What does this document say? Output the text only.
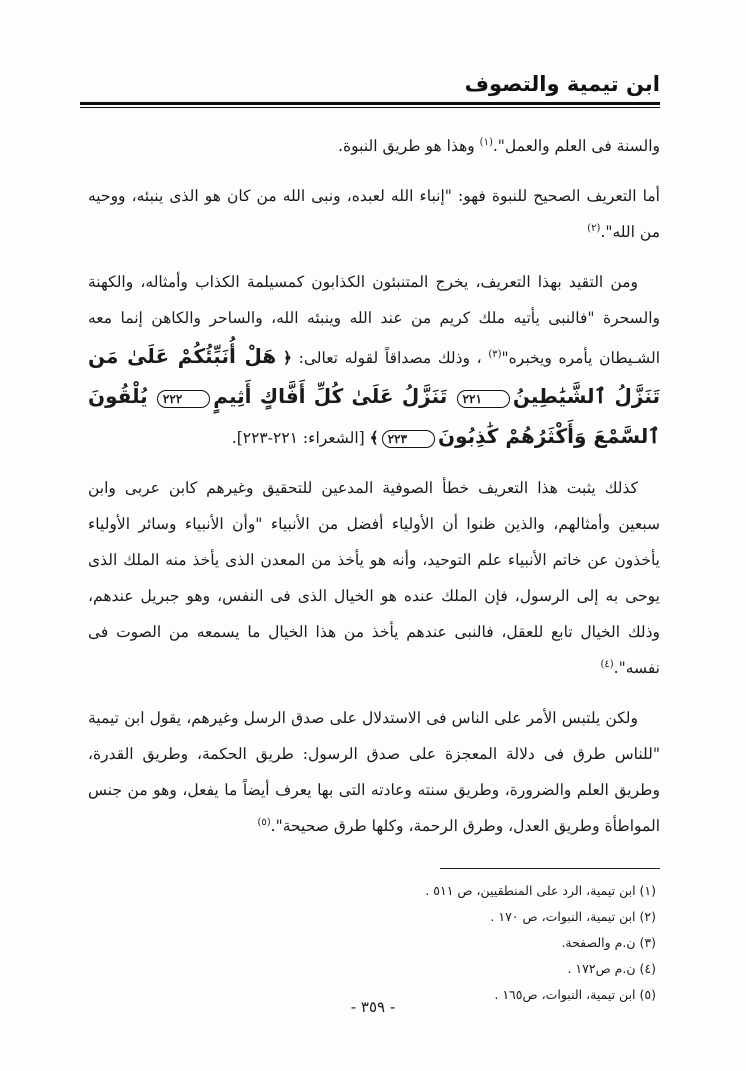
ابن تيمية والتصوف

والسنة فى العلم والعمل".$^{(١)}$ وهذا هو طريق النبوة.

أما التعريف الصحيح للنبوة فهو: "إنباء الله لعبده، ونبى الله من كان هو الذى ينبئه، ووحيه من الله".$^{(٢)}$

ومن التقيد بهذا التعريف، يخرج المتنبئون الكذابون كمسيلمة الكذاب وأمثاله، والكهنة والسحرة "فالنبى يأتيه ملك كريم من عند الله وينبئه الله، والساحر والكاهن إنما معه الشـيطان يأمره ويخبره"$^{(٣)}$ ، وذلك مصداقاً لقوله تعالى: ﴿ هَلْ أُنَبِّئُكُمْ عَلَىٰ مَن تَنَزَّلُ ٱلشَّيَٰطِينُ٢٢١ تَنَزَّلُ عَلَىٰ كُلِّ أَفَّاكٍ أَثِيمٍ٢٢٢ يُلْقُونَ ٱلسَّمْعَ وَأَكْثَرُهُمْ كَٰذِبُونَ٢٢٣﴾ [الشعراء: ٢٢١-٢٢٣].

كذلك يثبت هذا التعريف خطأ الصوفية المدعين للتحقيق وغيرهم كابن عربى وابن سبعين وأمثالهم، والذين ظنوا أن الأولياء أفضل من الأنبياء "وأن الأنبياء وسائر الأولياء يأخذون عن خاتم الأنبياء علم التوحيد، وأنه هو يأخذ من المعدن الذى يأخذ منه الملك الذى يوحى به إلى الرسول، فإن الملك عنده هو الخيال الذى فى النفس، وهو جبريل عندهم، وذلك الخيال تابع للعقل، فالنبى عندهم يأخذ من هذا الخيال ما يسمعه من الصوت فى نفسه".$^{(٤)}$

ولكن يلتبس الأمر على الناس فى الاستدلال على صدق الرسل وغيرهم، يقول ابن تيمية "للناس طرق فى دلالة المعجزة على صدق الرسول: طريق الحكمة، وطريق القدرة، وطريق العلم والضرورة، وطريق سنته وعادته التى بها يعرف أيضاً ما يفعل، وهو من جنس المواطأة وطريق العدل، وطرق الرحمة، وكلها طرق صحيحة".$^{(٥)}$

(١) ابن تيمية، الرد على المنطقيين، ص ٥١١ .
(٢) ابن تيمية، النبوات، ص ١٧٠ .
(٣) ن.م والصفحة.
(٤) ن.م ص١٧٢ .
(٥) ابن تيمية، النبوات، ص١٦٥ .
- ٣٥٩ -
